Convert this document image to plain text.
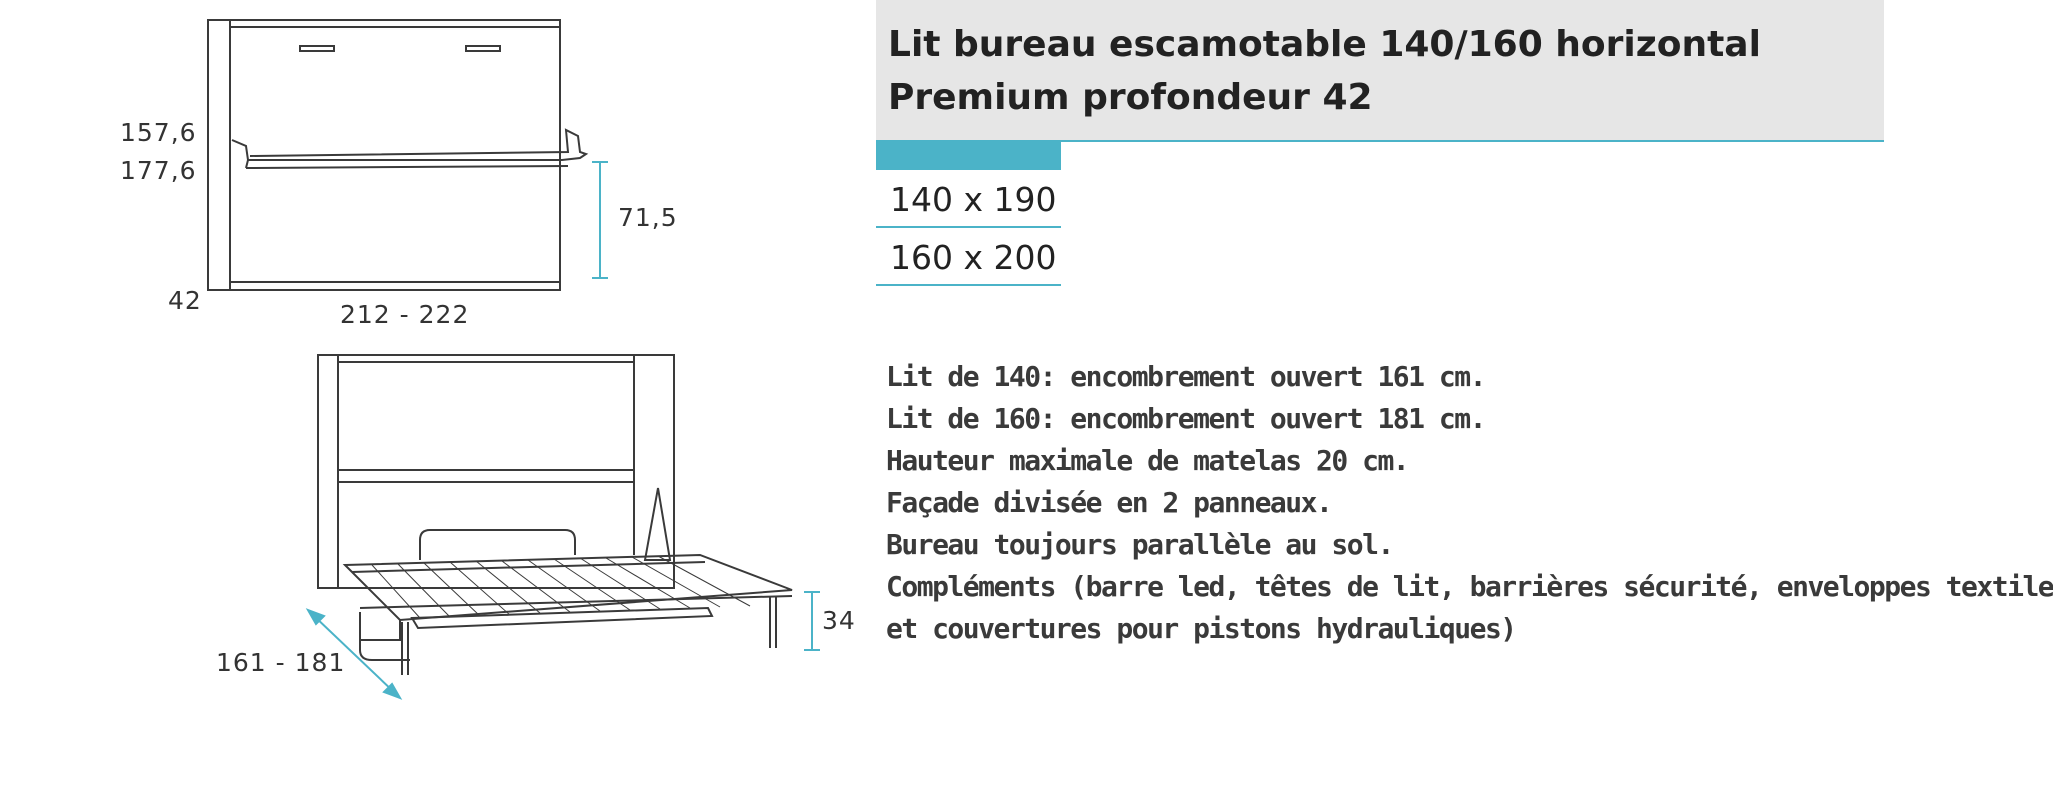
157,6
177,6
71,5
42	212 - 222
161 - 181
34
Lit bureau escamotable 140/160 horizontal Premium profondeur 42
140 x 190
160 x 200
Lit de 140: encombrement ouvert 161 cm.
Lit de 160: encombrement ouvert 181 cm.
Hauteur maximale de matelas 20 cm.
Façade divisée en 2 panneaux.
Bureau toujours parallèle au sol.
Compléments (barre led, têtes de lit, barrières sécurité, enveloppes textile
et couvertures pour pistons hydrauliques)
